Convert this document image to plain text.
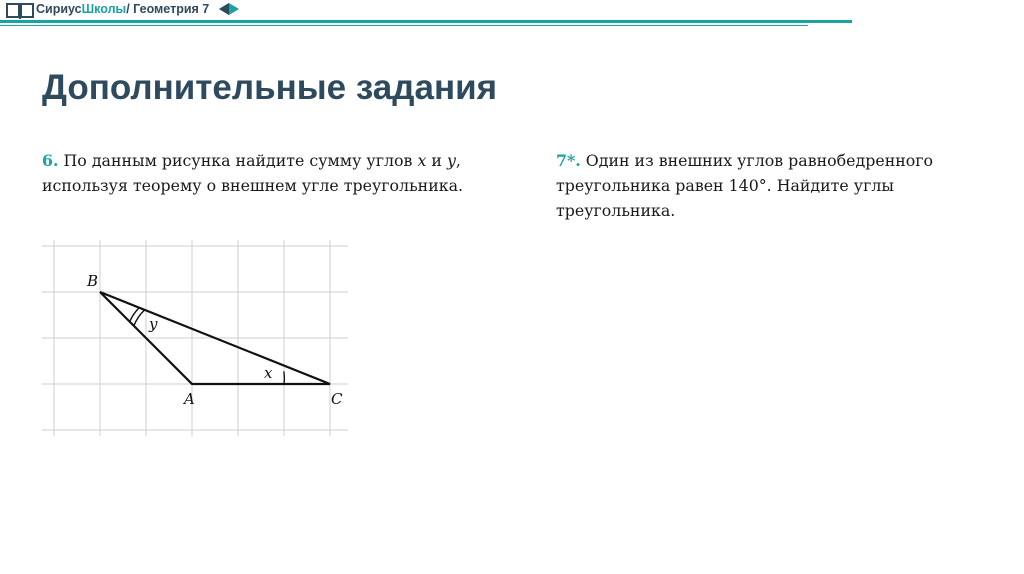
СириусШколы/ Геометрия 7
Дополнительные задания
6. По данным рисунка найдите сумму углов x и y,
используя теорему о внешнем угле треугольника.
7*. Один из внешних углов равнобедренного
треугольника равен 140°. Найдите углы
треугольника.
B
A	C
y
x
